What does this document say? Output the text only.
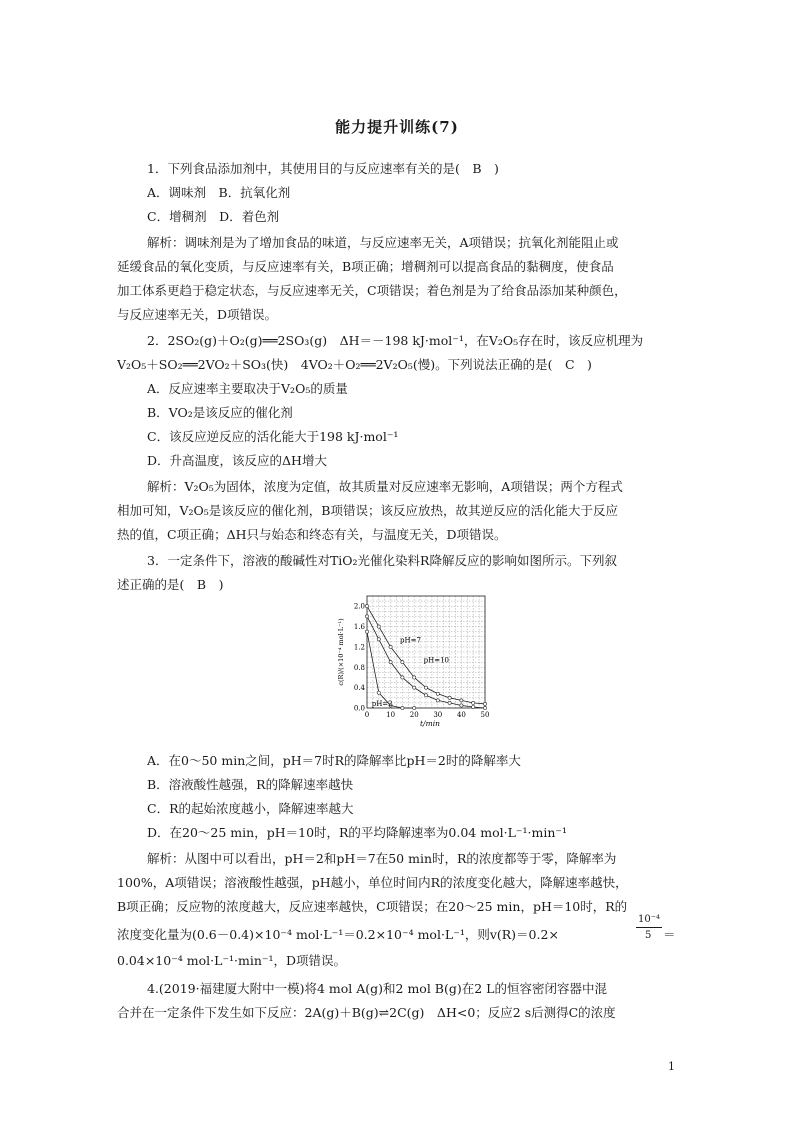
能力提升训练(7)
1．下列食品添加剂中，其使用目的与反应速率有关的是(　B　)
A．调味剂　B．抗氧化剂
C．增稠剂　D．着色剂
解析：调味剂是为了增加食品的味道，与反应速率无关，A项错误；抗氧化剂能阻止或
延缓食品的氧化变质，与反应速率有关，B项正确；增稠剂可以提高食品的黏稠度，使食品
加工体系更趋于稳定状态，与反应速率无关，C项错误；着色剂是为了给食品添加某种颜色，
与反应速率无关，D项错误。
2．2SO₂(g)＋O₂(g)══2SO₃(g)　ΔH＝－198 kJ·mol⁻¹，在V₂O₅存在时，该反应机理为
V₂O₅＋SO₂══2VO₂＋SO₃(快)　4VO₂＋O₂══2V₂O₅(慢)。下列说法正确的是(　C　)
A．反应速率主要取决于V₂O₅的质量
B．VO₂是该反应的催化剂
C．该反应逆反应的活化能大于198 kJ·mol⁻¹
D．升高温度，该反应的ΔH增大
解析：V₂O₅为固体，浓度为定值，故其质量对反应速率无影响，A项错误；两个方程式
相加可知，V₂O₅是该反应的催化剂，B项错误；该反应放热，故其逆反应的活化能大于反应
热的值，C项正确；ΔH只与始态和终态有关，与温度无关，D项错误。
3．一定条件下，溶液的酸碱性对TiO₂光催化染料R降解反应的影响如图所示。下列叙
述正确的是(　B　)
0.0
0.4
0.8
1.2
1.6
2.0
0 10 20 30 40 50
t/min
c(R)/(×10⁻⁴ mol·L⁻¹)
pH=2
pH=7
pH=10
A．在0～50 min之间，pH＝7时R的降解率比pH＝2时的降解率大
B．溶液酸性越强，R的降解速率越快
C．R的起始浓度越小，降解速率越大
D．在20～25 min，pH＝10时，R的平均降解速率为0.04 mol·L⁻¹·min⁻¹
解析：从图中可以看出，pH＝2和pH＝7在50 min时，R的浓度都等于零，降解率为
100%，A项错误；溶液酸性越强，pH越小，单位时间内R的浓度变化越大，降解速率越快，
B项正确；反应物的浓度越大，反应速率越快，C项错误；在20～25 min，pH＝10时，R的
浓度变化量为(0.6－0.4)×10⁻⁴ mol·L⁻¹＝0.2×10⁻⁴ mol·L⁻¹，则v(R)＝0.2×
10⁻⁴
5 ＝
0.04×10⁻⁴ mol·L⁻¹·min⁻¹，D项错误。
4.(2019·福建厦大附中一模)将4 mol A(g)和2 mol B(g)在2 L的恒容密闭容器中混
合并在一定条件下发生如下反应：2A(g)＋B(g)⇌2C(g)　ΔH<0；反应2 s后测得C的浓度
1
